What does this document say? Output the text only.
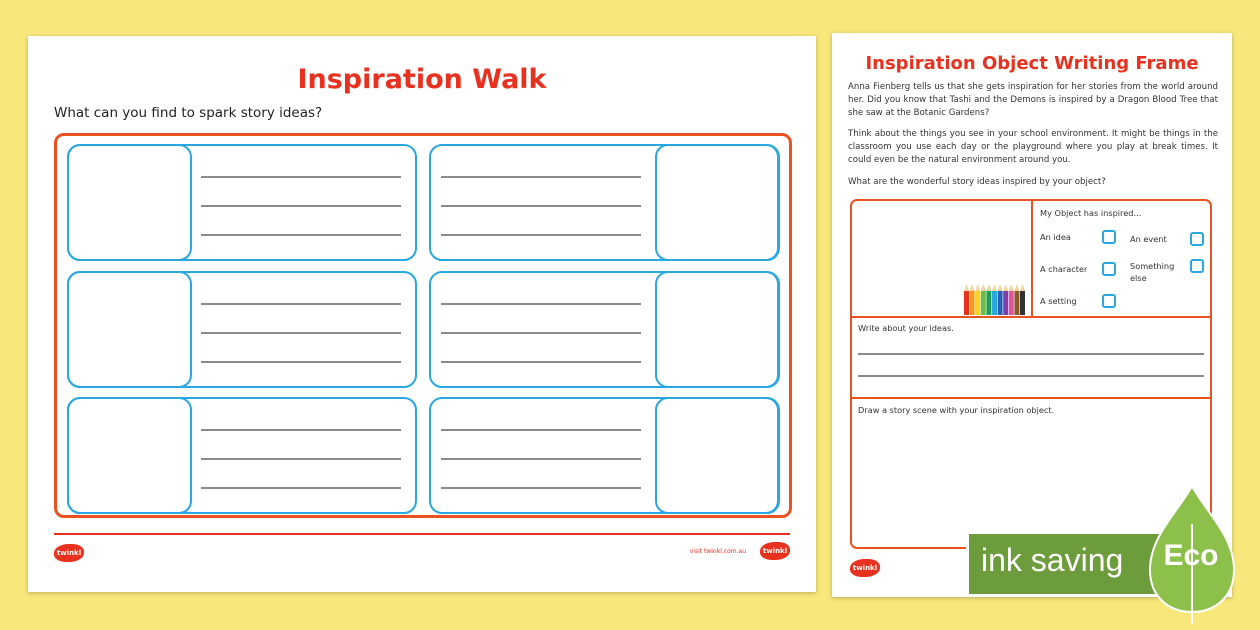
Inspiration Walk
What can you find to spark story ideas?
twinkl	visit twinkl.com.au	twinkl
Inspiration Object Writing Frame
Anna Fienberg tells us that she gets inspiration for her stories from the world around her. Did you know that Tashi and the Demons is inspired by a Dragon Blood Tree that she saw at the Botanic Gardens?
Think about the things you see in your school environment. It might be things in the classroom you use each day or the playground where you play at break times. It could even be the natural environment around you.
What are the wonderful story ideas inspired by your object?
My Object has inspired...
An idea	An event
A character	Something else
A setting
Write about your ideas.
Draw a story scene with your inspiration object.
twinkl	ink saving Eco
